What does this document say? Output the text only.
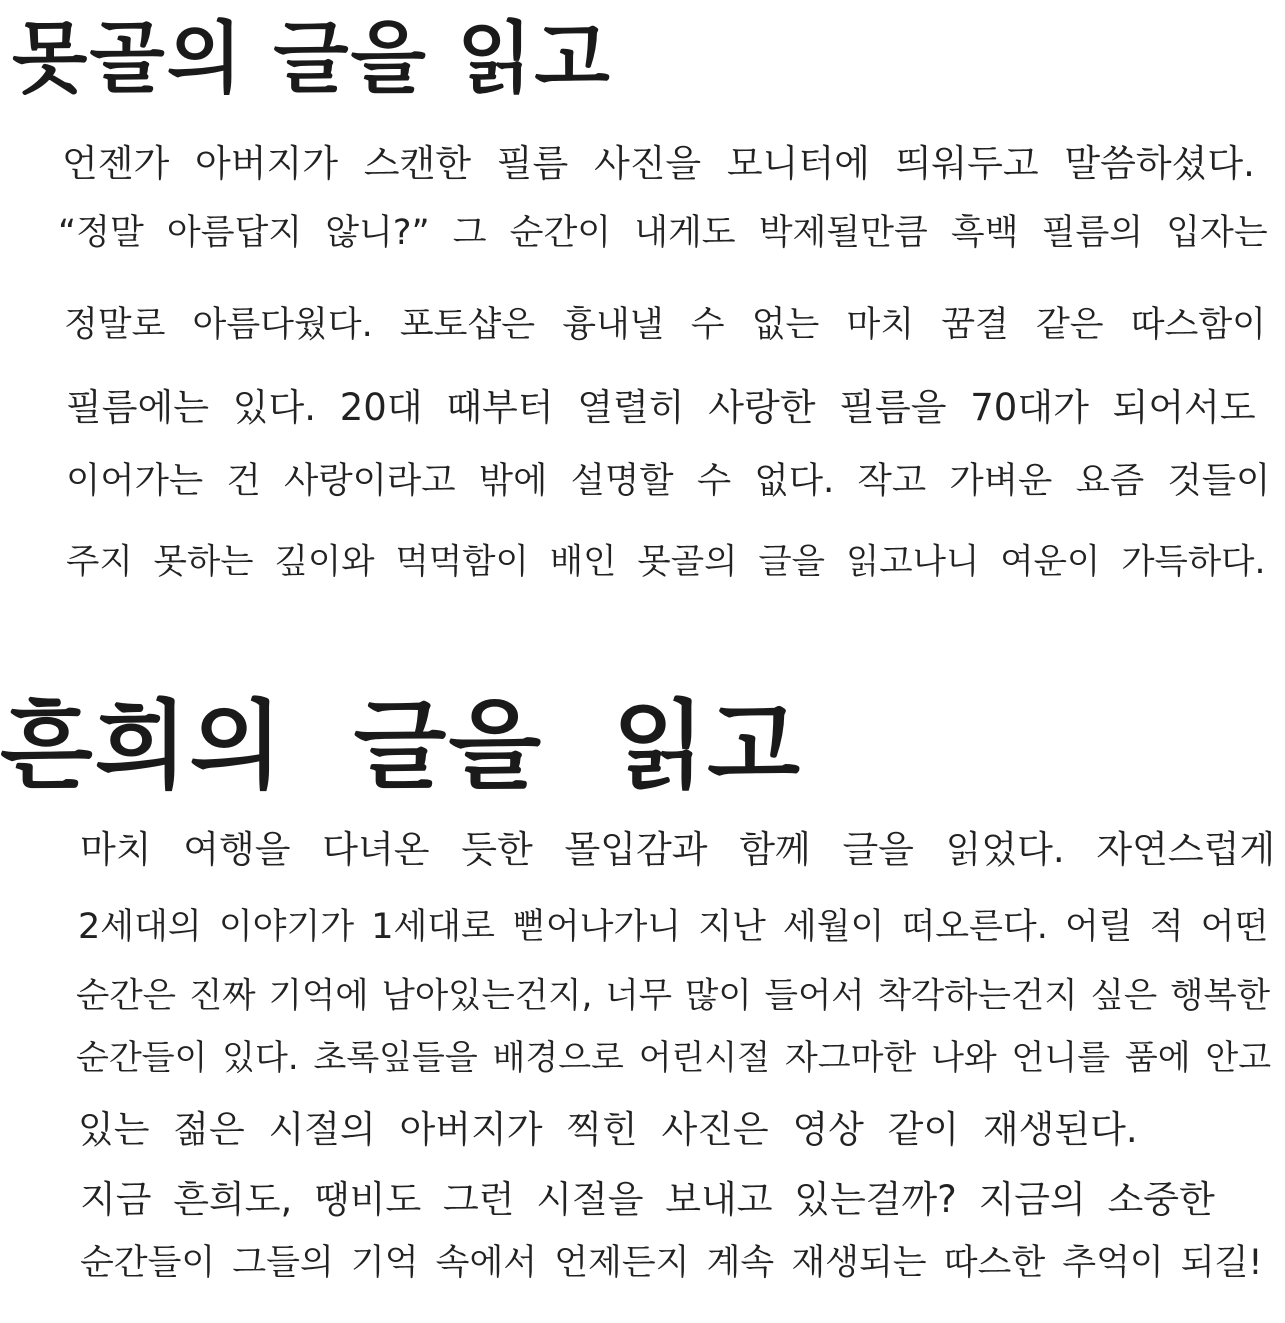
못골의 글을 읽고

언젠가 아버지가 스캔한 필름 사진을 모니터에 띄워두고 말씀하셨다.

“정말 아름답지 않니?” 그 순간이 내게도 박제될만큼 흑백 필름의 입자는

정말로 아름다웠다. 포토샵은 흉내낼 수 없는 마치 꿈결 같은 따스함이

필름에는 있다. 20대 때부터 열렬히 사랑한 필름을 70대가 되어서도

이어가는 건 사랑이라고 밖에 설명할 수 없다. 작고 가벼운 요즘 것들이

주지 못하는 깊이와 먹먹함이 배인 못골의 글을 읽고나니 여운이 가득하다.

흔희의 글을 읽고

마치 여행을 다녀온 듯한 몰입감과 함께 글을 읽었다. 자연스럽게

2세대의 이야기가 1세대로 뻗어나가니 지난 세월이 떠오른다. 어릴 적 어떤

순간은 진짜 기억에 남아있는건지, 너무 많이 들어서 착각하는건지 싶은 행복한

순간들이 있다. 초록잎들을 배경으로 어린시절 자그마한 나와 언니를 품에 안고

있는 젊은 시절의 아버지가 찍힌 사진은 영상 같이 재생된다.

지금 흔희도, 땡비도 그런 시절을 보내고 있는걸까? 지금의 소중한

순간들이 그들의 기억 속에서 언제든지 계속 재생되는 따스한 추억이 되길!
